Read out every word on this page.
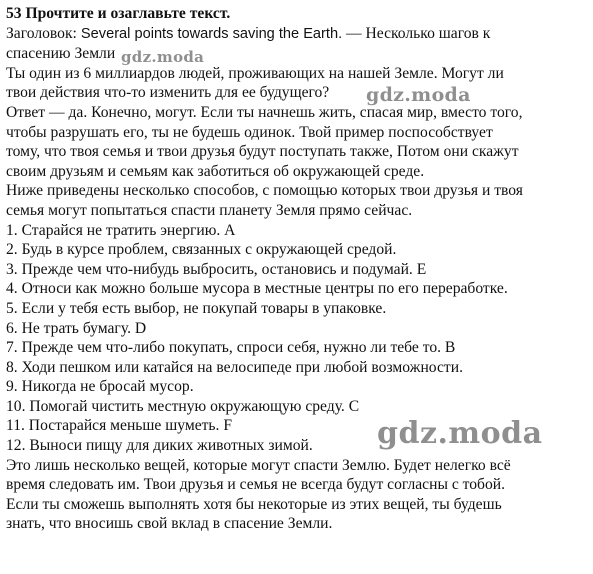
53 Прочтите и озаглавьте текст.
Заголовок: Several points towards saving the Earth. — Несколько шагов к
спасению Земли
Ты один из 6 миллиардов людей, проживающих на нашей Земле. Могут ли
твои действия что-то изменить для ее будущего?
Ответ — да. Конечно, могут. Если ты начнешь жить, спасая мир, вместо того,
чтобы разрушать его, ты не будешь одинок. Твой пример поспособствует
тому, что твоя семья и твои друзья будут поступать также, Потом они скажут
своим друзьям и семьям как заботиться об окружающей среде.
Ниже приведены несколько способов, с помощью которых твои друзья и твоя
семья могут попытаться спасти планету Земля прямо сейчас.
1. Старайся не тратить энергию. A
2. Будь в курсе проблем, связанных с окружающей средой.
3. Прежде чем что-нибудь выбросить, остановись и подумай. E
4. Относи как можно больше мусора в местные центры по его переработке.
5. Если у тебя есть выбор, не покупай товары в упаковке.
6. Не трать бумагу. D
7. Прежде чем что-либо покупать, спроси себя, нужно ли тебе то. B
8. Ходи пешком или катайся на велосипеде при любой возможности.
9. Никогда не бросай мусор.
10. Помогай чистить местную окружающую среду. C
11. Постарайся меньше шуметь. F
12. Выноси пищу для диких животных зимой.
Это лишь несколько вещей, которые могут спасти Землю. Будет нелегко всё
время следовать им. Твои друзья и семья не всегда будут согласны с тобой.
Если ты сможешь выполнять хотя бы некоторые из этих вещей, ты будешь
знать, что вносишь свой вклад в спасение Земли.
gdz.moda
gdz.moda
gdz.moda
